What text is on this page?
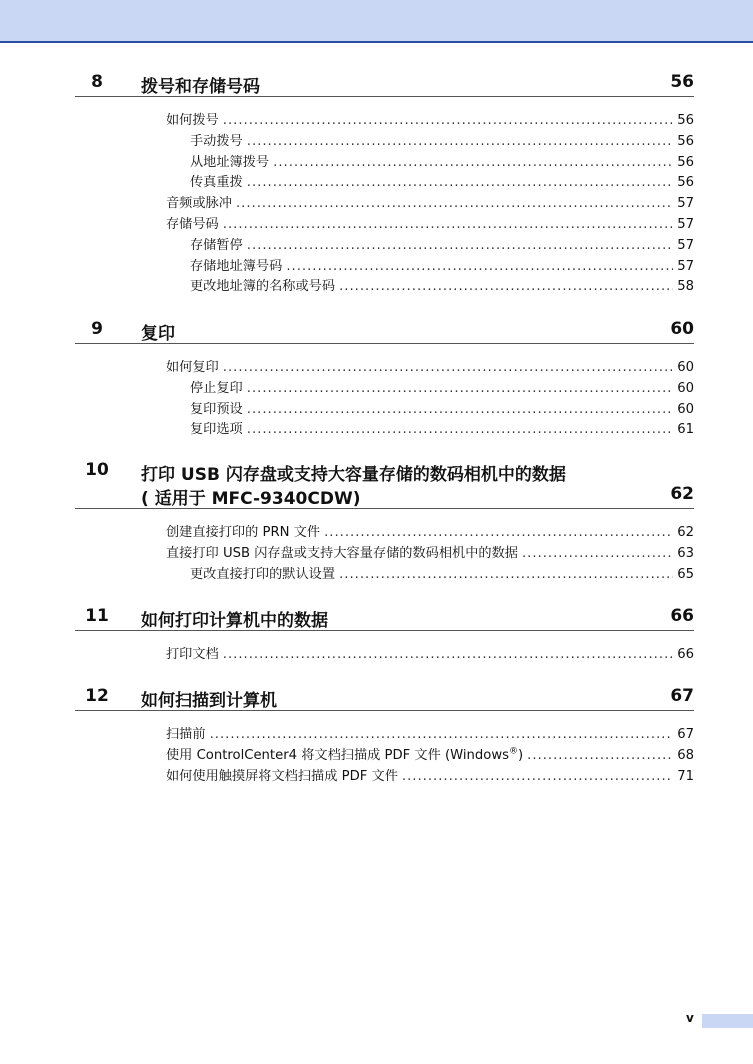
8	拨号和存储号码	56
如何拨号 .....	56
手动拨号 .....	56
从地址簿拨号 .....	56
传真重拨 .....	56
音频或脉冲 .....	57
存储号码 .....	57
存储暂停 .....	57
存储地址簿号码 .....	57
更改地址簿的名称或号码 .....	58
9	复印	60
如何复印 .....	60
停止复印 .....	60
复印预设 .....	60
复印选项 .....	61
10	打印 USB 闪存盘或支持大容量存储的数码相机中的数据
( 适用于 MFC-9340CDW)	62
创建直接打印的 PRN 文件 .....	62
直接打印 USB 闪存盘或支持大容量存储的数码相机中的数据 .....	63
更改直接打印的默认设置 .....	65
11	如何打印计算机中的数据	66
打印文档 .....	66
12	如何扫描到计算机	67
扫描前 .....	67
使用 ControlCenter4 将文档扫描成 PDF 文件 (Windows®) .....	68
如何使用触摸屏将文档扫描成 PDF 文件 .....	71
v
